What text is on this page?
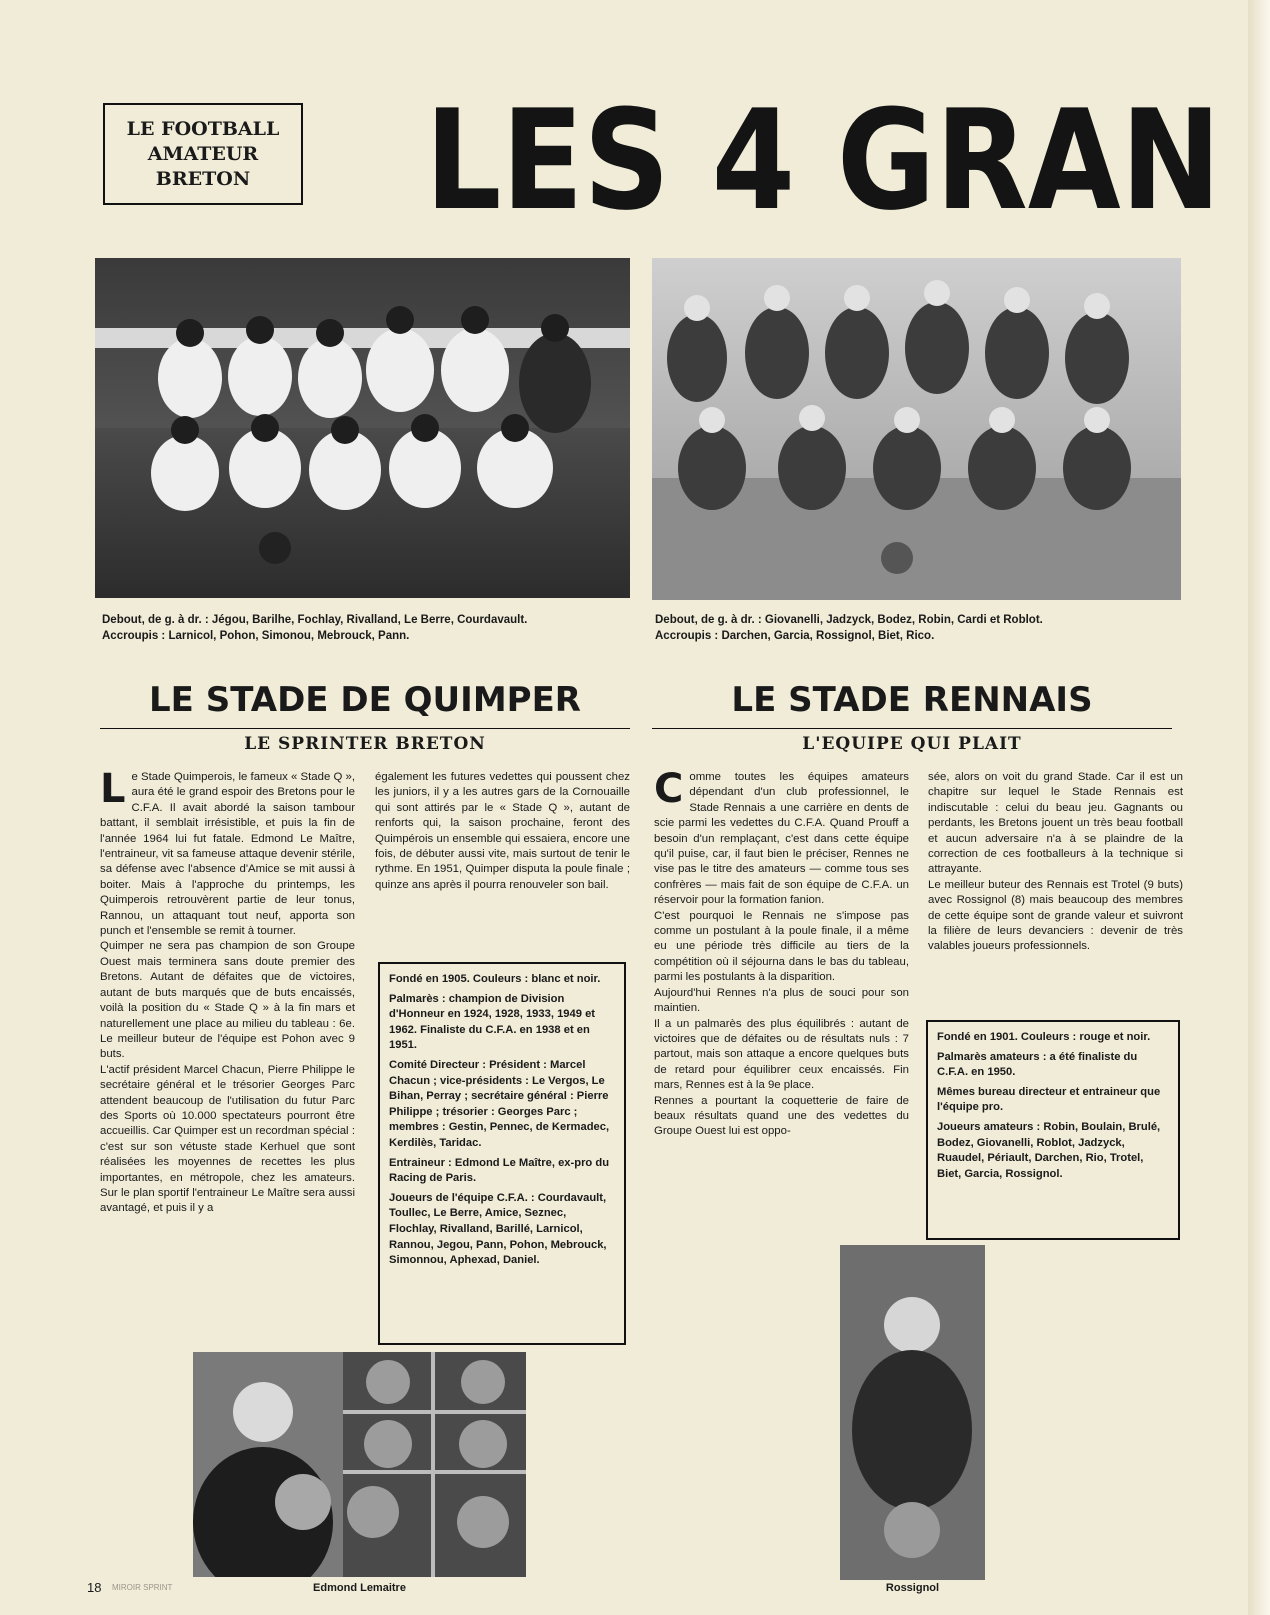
LE FOOTBALL
AMATEUR
BRETON LES 4 GRAN
Debout, de g. à dr. : Jégou, Barilhe, Fochlay, Rivalland, Le Berre, Courdavault.
Accroupis : Larnicol, Pohon, Simonou, Mebrouck, Pann.
Debout, de g. à dr. : Giovanelli, Jadzyck, Bodez, Robin, Cardi et Roblot.
Accroupis : Darchen, Garcia, Rossignol, Biet, Rico.
LE STADE DE QUIMPER
LE SPRINTER BRETON
LE STADE RENNAIS
L'EQUIPE QUI PLAIT

Le Stade Quimperois, le fameux « Stade Q », aura été le grand espoir des Bretons pour le C.F.A. Il avait abordé la saison tambour battant, il semblait irrésistible, et puis la fin de l'année 1964 lui fut fatale. Edmond Le Maître, l'entraineur, vit sa fameuse attaque devenir stérile, sa défense avec l'absence d'Amice se mit aussi à boiter. Mais à l'approche du printemps, les Quimperois retrouvèrent partie de leur tonus, Rannou, un attaquant tout neuf, apporta son punch et l'ensemble se remit à tourner.

Quimper ne sera pas champion de son Groupe Ouest mais terminera sans doute premier des Bretons. Autant de défaites que de victoires, autant de buts marqués que de buts encaissés, voilà la position du « Stade Q » à la fin mars et naturellement une place au milieu du tableau : 6e. Le meilleur buteur de l'équipe est Pohon avec 9 buts.

L'actif président Marcel Chacun, Pierre Philippe le secrétaire général et le trésorier Georges Parc attendent beaucoup de l'utilisation du futur Parc des Sports où 10.000 spectateurs pourront être accueillis. Car Quimper est un recordman spécial : c'est sur son vétuste stade Kerhuel que sont réalisées les moyennes de recettes les plus importantes, en métropole, chez les amateurs. Sur le plan sportif l'entraineur Le Maître sera aussi avantagé, et puis il y a

également les futures vedettes qui poussent chez les juniors, il y a les autres gars de la Cornouaille qui sont attirés par le « Stade Q », autant de renforts qui, la saison prochaine, feront des Quimpérois un ensemble qui essaiera, encore une fois, de débuter aussi vite, mais surtout de tenir le rythme. En 1951, Quimper disputa la poule finale ; quinze ans après il pourra renouveler son bail.

Fondé en 1905. Couleurs : blanc et noir.

Palmarès : champion de Division d'Honneur en 1924, 1928, 1933, 1949 et 1962. Finaliste du C.F.A. en 1938 et en 1951.

Comité Directeur : Président : Marcel Chacun ; vice-présidents : Le Vergos, Le Bihan, Perray ; secrétaire général : Pierre Philippe ; trésorier : Georges Parc ; membres : Gestin, Pennec, de Kermadec, Kerdilès, Taridac.

Entraineur : Edmond Le Maître, ex-pro du Racing de Paris.

Joueurs de l'équipe C.F.A. : Courdavault, Toullec, Le Berre, Amice, Seznec, Flochlay, Rivalland, Barillé, Larnicol, Rannou, Jegou, Pann, Pohon, Mebrouck, Simonnou, Aphexad, Daniel.

Comme toutes les équipes amateurs dépendant d'un club professionnel, le Stade Rennais a une carrière en dents de scie parmi les vedettes du C.F.A. Quand Prouff a besoin d'un remplaçant, c'est dans cette équipe qu'il puise, car, il faut bien le préciser, Rennes ne vise pas le titre des amateurs — comme tous ses confrères — mais fait de son équipe de C.F.A. un réservoir pour la formation fanion.

C'est pourquoi le Rennais ne s'impose pas comme un postulant à la poule finale, il a même eu une période très difficile au tiers de la compétition où il séjourna dans le bas du tableau, parmi les postulants à la disparition.

Aujourd'hui Rennes n'a plus de souci pour son maintien.

Il a un palmarès des plus équilibrés : autant de victoires que de défaites ou de résultats nuls : 7 partout, mais son attaque a encore quelques buts de retard pour équilibrer ceux encaissés. Fin mars, Rennes est à la 9e place.

Rennes a pourtant la coquetterie de faire de beaux résultats quand une des vedettes du Groupe Ouest lui est oppo-

sée, alors on voit du grand Stade. Car il est un chapitre sur lequel le Stade Rennais est indiscutable : celui du beau jeu. Gagnants ou perdants, les Bretons jouent un très beau football et aucun adversaire n'a à se plaindre de la correction de ces footballeurs à la technique si attrayante.

Le meilleur buteur des Rennais est Trotel (9 buts) avec Rossignol (8) mais beaucoup des membres de cette équipe sont de grande valeur et suivront la filière de leurs devanciers : devenir de très valables joueurs professionnels.

Fondé en 1901. Couleurs : rouge et noir.

Palmarès amateurs : a été finaliste du C.F.A. en 1950.

Mêmes bureau directeur et entraineur que l'équipe pro.

Joueurs amateurs : Robin, Boulain, Brulé, Bodez, Giovanelli, Roblot, Jadzyck, Ruaudel, Périault, Darchen, Rio, Trotel, Biet, Garcia, Rossignol.

Edmond Lemaitre	Rossignol
18 MIROIR SPRINT
